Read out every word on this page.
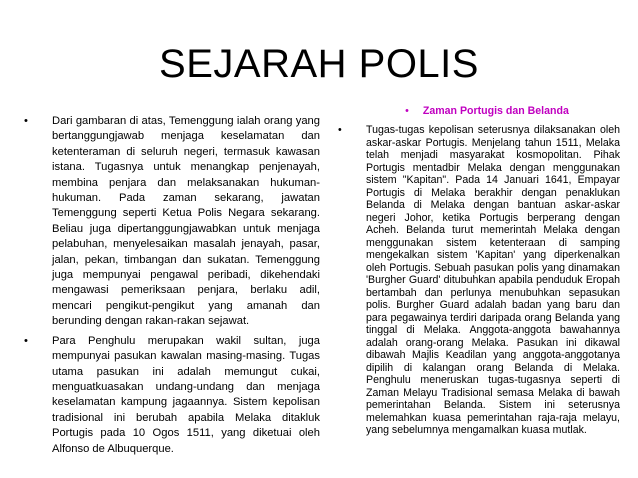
SEJARAH POLIS
• Dari gambaran di atas, Temenggung ialah orang yang bertanggungjawab menjaga keselamatan dan ketenteraman di seluruh negeri, termasuk kawasan istana. Tugasnya untuk menangkap penjenayah, membina penjara dan melaksanakan hukuman-hukuman. Pada zaman sekarang, jawatan Temenggung seperti Ketua Polis Negara sekarang. Beliau juga dipertanggungjawabkan untuk menjaga pelabuhan, menyelesaikan masalah jenayah, pasar, jalan, pekan, timbangan dan sukatan. Temenggung juga mempunyai pengawal peribadi, dikehendaki mengawasi pemeriksaan penjara, berlaku adil, mencari pengikut-pengikut yang amanah dan berunding dengan rakan-rakan sejawat.
• Para Penghulu merupakan wakil sultan, juga mempunyai pasukan kawalan masing-masing. Tugas utama pasukan ini adalah memungut cukai, menguatkuasakan undang-undang dan menjaga keselamatan kampung jagaannya. Sistem kepolisan tradisional ini berubah apabila Melaka ditakluk Portugis pada 10 Ogos 1511, yang diketuai oleh Alfonso de Albuquerque.
• Zaman Portugis dan Belanda
• Tugas-tugas kepolisan seterusnya dilaksanakan oleh askar-askar Portugis. Menjelang tahun 1511, Melaka telah menjadi masyarakat kosmopolitan. Pihak Portugis mentadbir Melaka dengan menggunakan sistem "Kapitan". Pada 14 Januari 1641, Empayar Portugis di Melaka berakhir dengan penaklukan Belanda di Melaka dengan bantuan askar-askar negeri Johor, ketika Portugis berperang dengan Acheh. Belanda turut memerintah Melaka dengan menggunakan sistem ketenteraan di samping mengekalkan sistem 'Kapitan' yang diperkenalkan oleh Portugis. Sebuah pasukan polis yang dinamakan 'Burgher Guard' ditubuhkan apabila penduduk Eropah bertambah dan perlunya menubuhkan sepasukan polis. Burgher Guard adalah badan yang baru dan para pegawainya terdiri daripada orang Belanda yang tinggal di Melaka. Anggota-anggota bawahannya adalah orang-orang Melaka. Pasukan ini dikawal dibawah Majlis Keadilan yang anggota-anggotanya dipilih di kalangan orang Belanda di Melaka. Penghulu meneruskan tugas-tugasnya seperti di Zaman Melayu Tradisional semasa Melaka di bawah pemerintahan Belanda. Sistem ini seterusnya melemahkan kuasa pemerintahan raja-raja melayu, yang sebelumnya mengamalkan kuasa mutlak.
